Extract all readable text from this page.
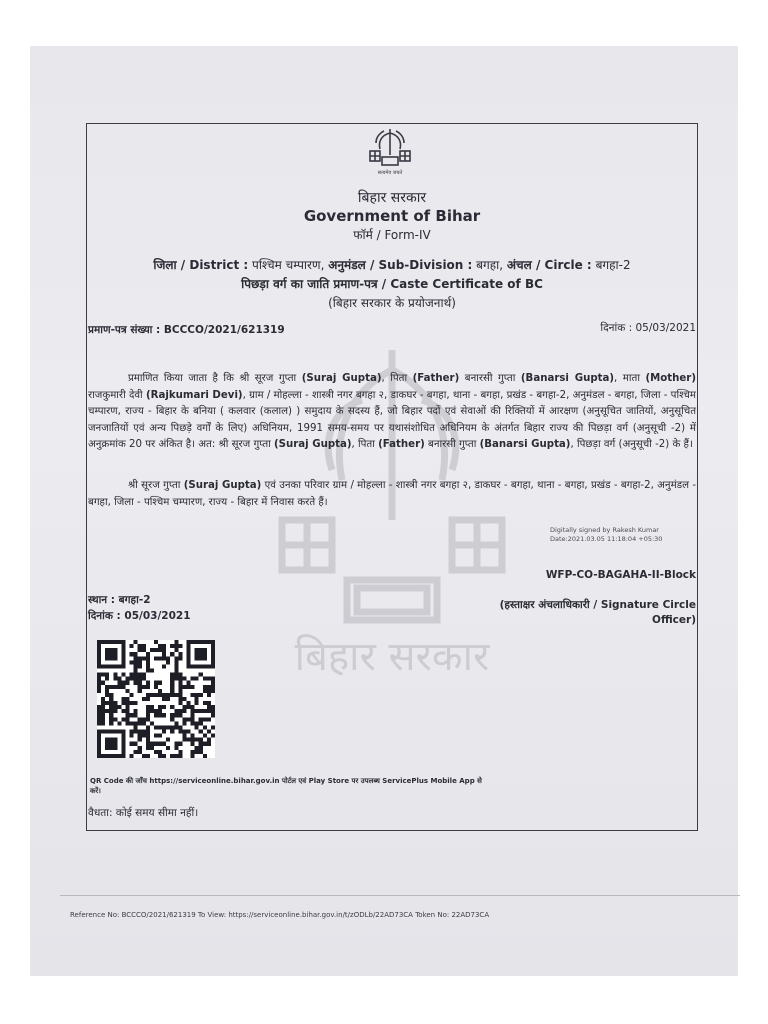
बिहार सरकार
सत्यमेव जयते
बिहार सरकार
Government of Bihar
फॉर्म / Form-IV
जिला / District : पश्चिम चम्पारण, अनुमंडल / Sub-Division : बगहा, अंचल / Circle : बगहा-2
पिछड़ा वर्ग का जाति प्रमाण-पत्र / Caste Certificate of BC
(बिहार सरकार के प्रयोजनार्थ)
प्रमाण-पत्र संख्या : BCCCO/2021/621319	दिनांक : 05/03/2021
प्रमाणित किया जाता है कि श्री सूरज गुप्ता (Suraj Gupta), पिता (Father) बनारसी गुप्ता (Banarsi Gupta), माता (Mother) राजकुमारी देवी (Rajkumari Devi), ग्राम / मोहल्ला - शास्त्री नगर बगहा २, डाकघर - बगहा, थाना - बगहा, प्रखंड - बगहा-2, अनुमंडल - बगहा, जिला - पश्चिम चम्पारण, राज्य - बिहार के बनिया ( कलवार (कलाल) ) समुदाय के सदस्य हैं, जो बिहार पदों एवं सेवाओं की रिक्तियों में आरक्षण (अनुसूचित जातियों, अनुसूचित जनजातियों एवं अन्य पिछड़े वर्गों के लिए) अधिनियम, 1991 समय-समय पर यथासंशोधित अधिनियम के अंतर्गत बिहार राज्य की पिछड़ा वर्ग (अनुसूची -2) में अनुक्रमांक 20 पर अंकित है। अत: श्री सूरज गुप्ता (Suraj Gupta), पिता (Father) बनारसी गुप्ता (Banarsi Gupta), पिछड़ा वर्ग (अनुसूची -2) के हैं।
श्री सूरज गुप्ता (Suraj Gupta) एवं उनका परिवार ग्राम / मोहल्ला - शास्त्री नगर बगहा २, डाकघर - बगहा, थाना - बगहा, प्रखंड - बगहा-2, अनुमंडल - बगहा, जिला - पश्चिम चम्पारण, राज्य - बिहार में निवास करते हैं।
Digitally signed by Rakesh Kumar
Date:2021.03.05 11:18:04 +05:30
WFP-CO-BAGAHA-II-Block
(हस्ताक्षर अंचलाधिकारी / Signature Circle Officer)
स्थान : बगहा-2
दिनांक : 05/03/2021
QR Code की जाँच https://serviceonline.bihar.gov.in पोर्टल एवं Play Store पर उपलब्ध ServicePlus Mobile App से करें।
वैधता: कोई समय सीमा नहीं।
Reference No: BCCCO/2021/621319 To View: https://serviceonline.bihar.gov.in/t/zODLb/22AD73CA Token No: 22AD73CA
